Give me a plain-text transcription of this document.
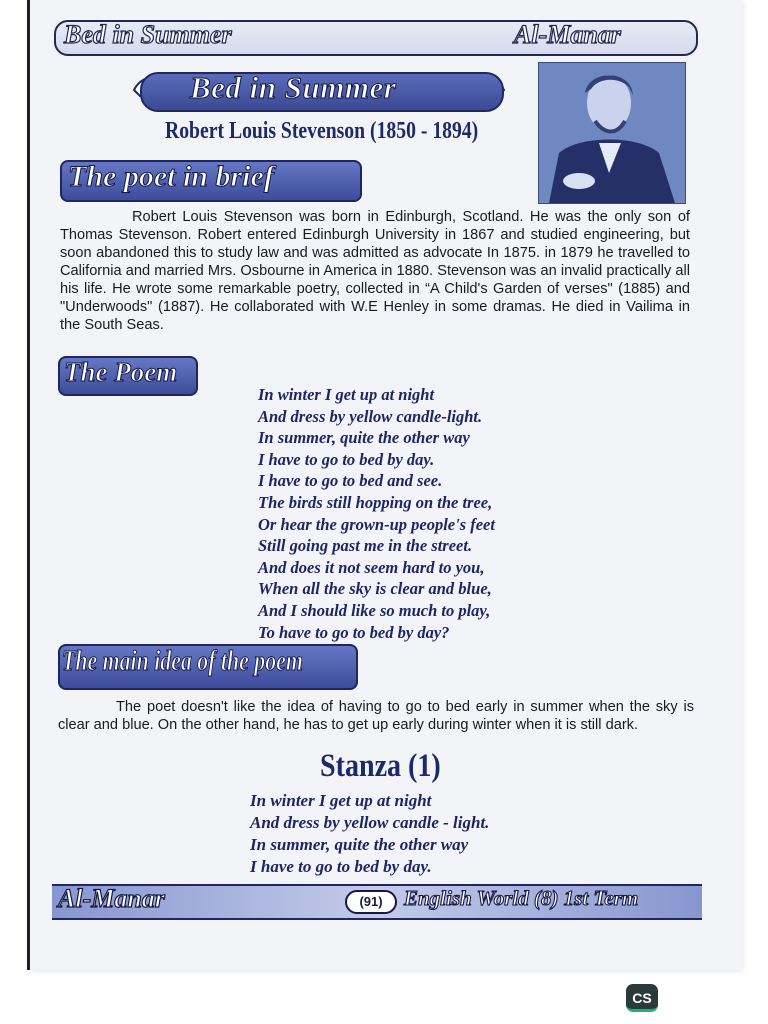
Bed in Summer	Al-Manar
Bed in Summer
Robert Louis Stevenson (1850 - 1894)
The poet in brief
Robert Louis Stevenson was born in Edinburgh, Scotland. He was the only son of Thomas Stevenson. Robert entered Edinburgh University in 1867 and studied engineering, but soon abandoned this to study law and was admitted as advocate In 1875. in 1879 he travelled to California and married Mrs. Osbourne in America in 1880. Stevenson was an invalid practically all his life. He wrote some remarkable poetry, collected in “A Child's Garden of verses" (1885) and "Underwoods" (1887). He collaborated with W.E Henley in some dramas. He died in Vailima in the South Seas.
The Poem
In winter I get up at night
And dress by yellow candle-light.
In summer, quite the other way
I have to go to bed by day.
I have to go to bed and see.
The birds still hopping on the tree,
Or hear the grown-up people's feet
Still going past me in the street.
And does it not seem hard to you,
When all the sky is clear and blue,
And I should like so much to play,
To have to go to bed by day?
The main idea of the poem
The poet doesn't like the idea of having to go to bed early in summer when the sky is clear and blue. On the other hand, he has to get up early during winter when it is still dark.
Stanza (1)
In winter I get up at night
And dress by yellow candle - light.
In summer, quite the other way
I have to go to bed by day.
Al-Manar	(91)	English World (8) 1st Term
CS
